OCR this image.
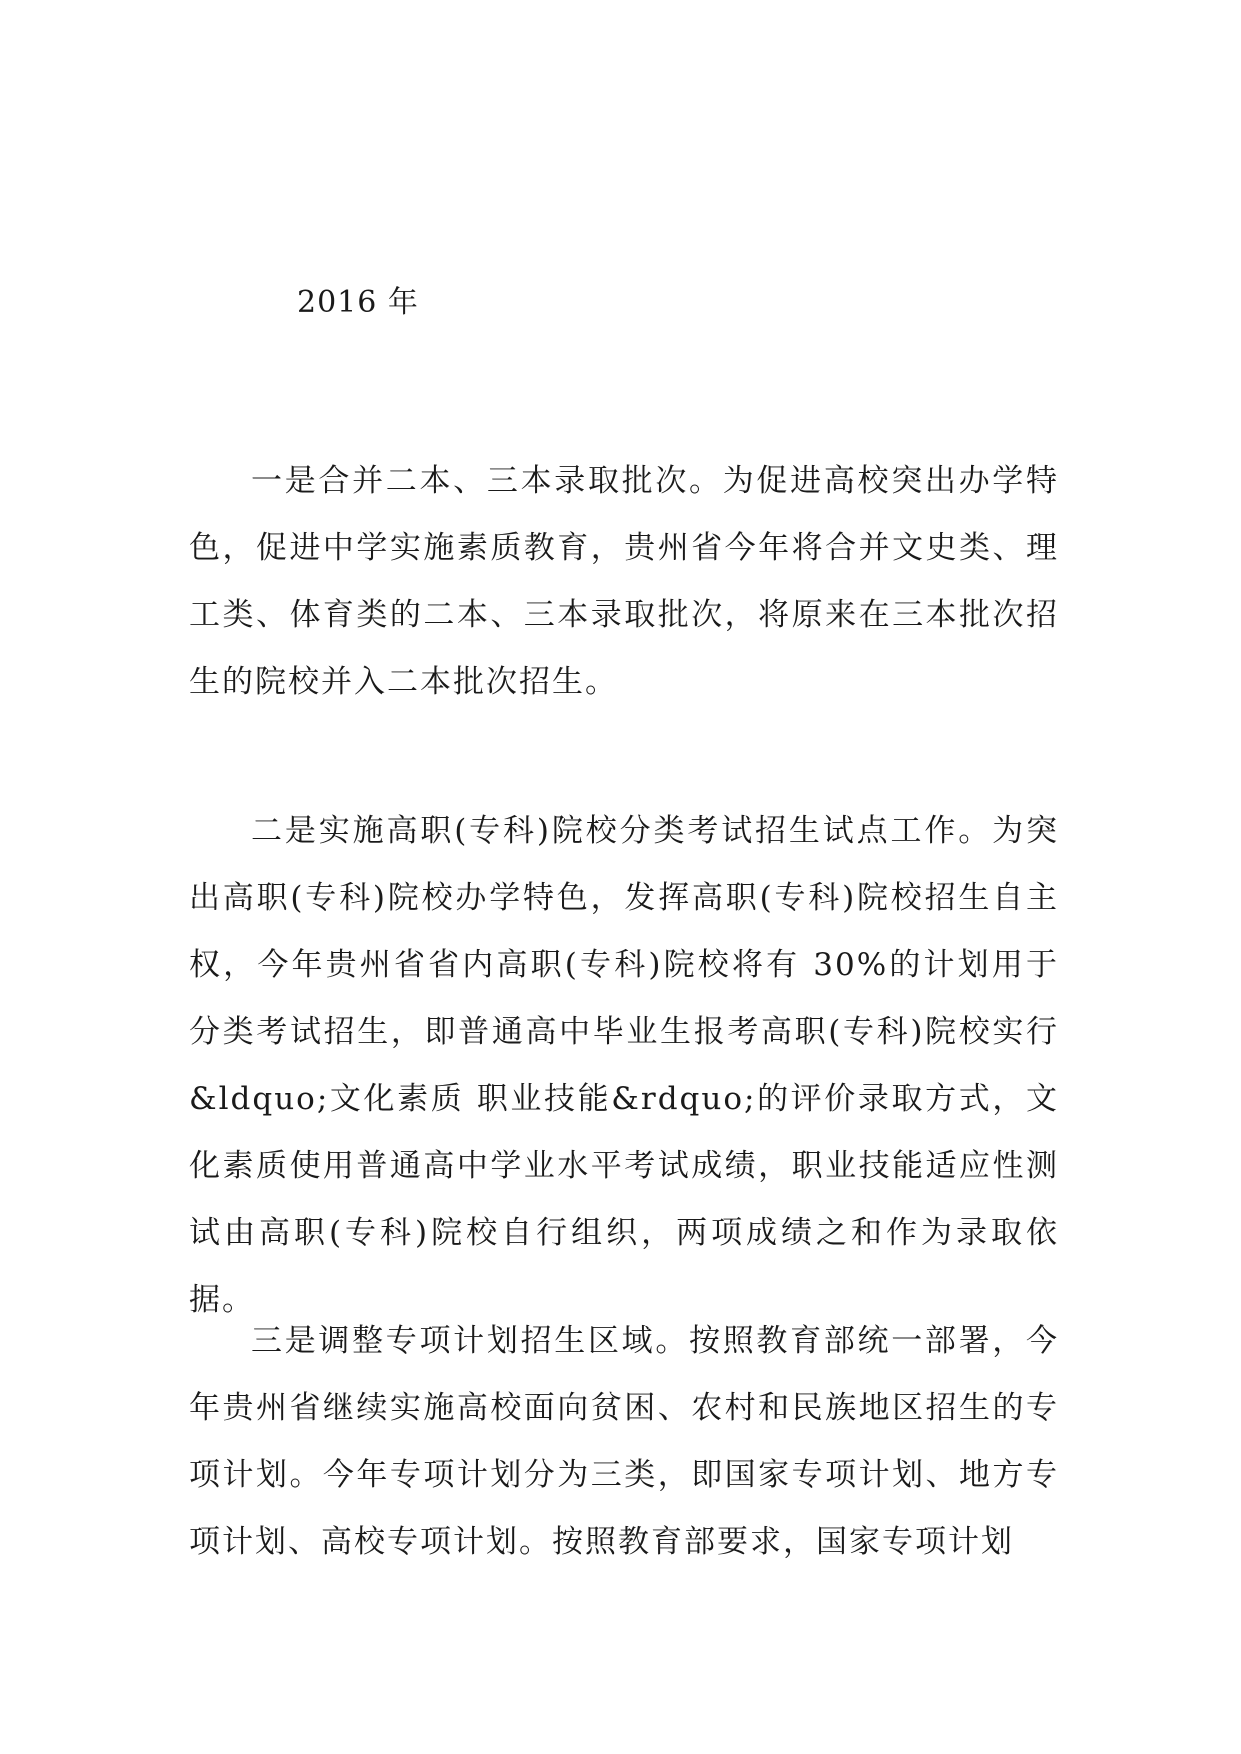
2016 年

一是合并二本、三本录取批次。为促进高校突出办学特色，促进中学实施素质教育，贵州省今年将合并文史类、理工类、体育类的二本、三本录取批次，将原来在三本批次招生的院校并入二本批次招生。

二是实施高职(专科)院校分类考试招生试点工作。为突出高职(专科)院校办学特色，发挥高职(专科)院校招生自主权，今年贵州省省内高职(专科)院校将有 30%的计划用于分类考试招生，即普通高中毕业生报考高职(专科)院校实行&ldquo;文化素质 职业技能&rdquo;的评价录取方式，文化素质使用普通高中学业水平考试成绩，职业技能适应性测试由高职(专科)院校自行组织，两项成绩之和作为录取依据。

三是调整专项计划招生区域。按照教育部统一部署，今年贵州省继续实施高校面向贫困、农村和民族地区招生的专项计划。今年专项计划分为三类，即国家专项计划、地方专项计划、高校专项计划。按照教育部要求，国家专项计划
